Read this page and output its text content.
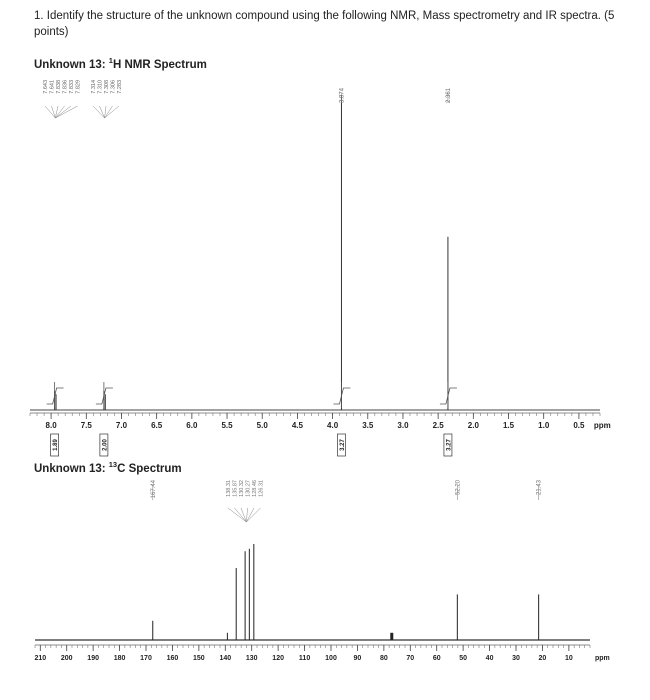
1. Identify the structure of the unknown compound using the following NMR, Mass spectrometry and IR spectra. (5 points)
Unknown 13: $^1$H NMR Spectrum
Unknown 13: $^{13}$C Spectrum
8.0	7.5	7.0	6.5	6.0	5.5	5.0	4.5	4.0	3.5	3.0	2.5	2.0	1.5	1.0	0.5 ppm
1.89	2.00	3.27	3.27
7.643 7.641 7.838 7.836 7.833 7.829 7.314 7.310 7.308 7.306 7.283
3.874	2.361
210 200 190 180 170 160 150 140 130 120 110 100 90	80	70	60	50	40	30	20	10	ppm
167.44	52.20	21.43
138.31 135.87 130.32 130.27 128.46 126.31
